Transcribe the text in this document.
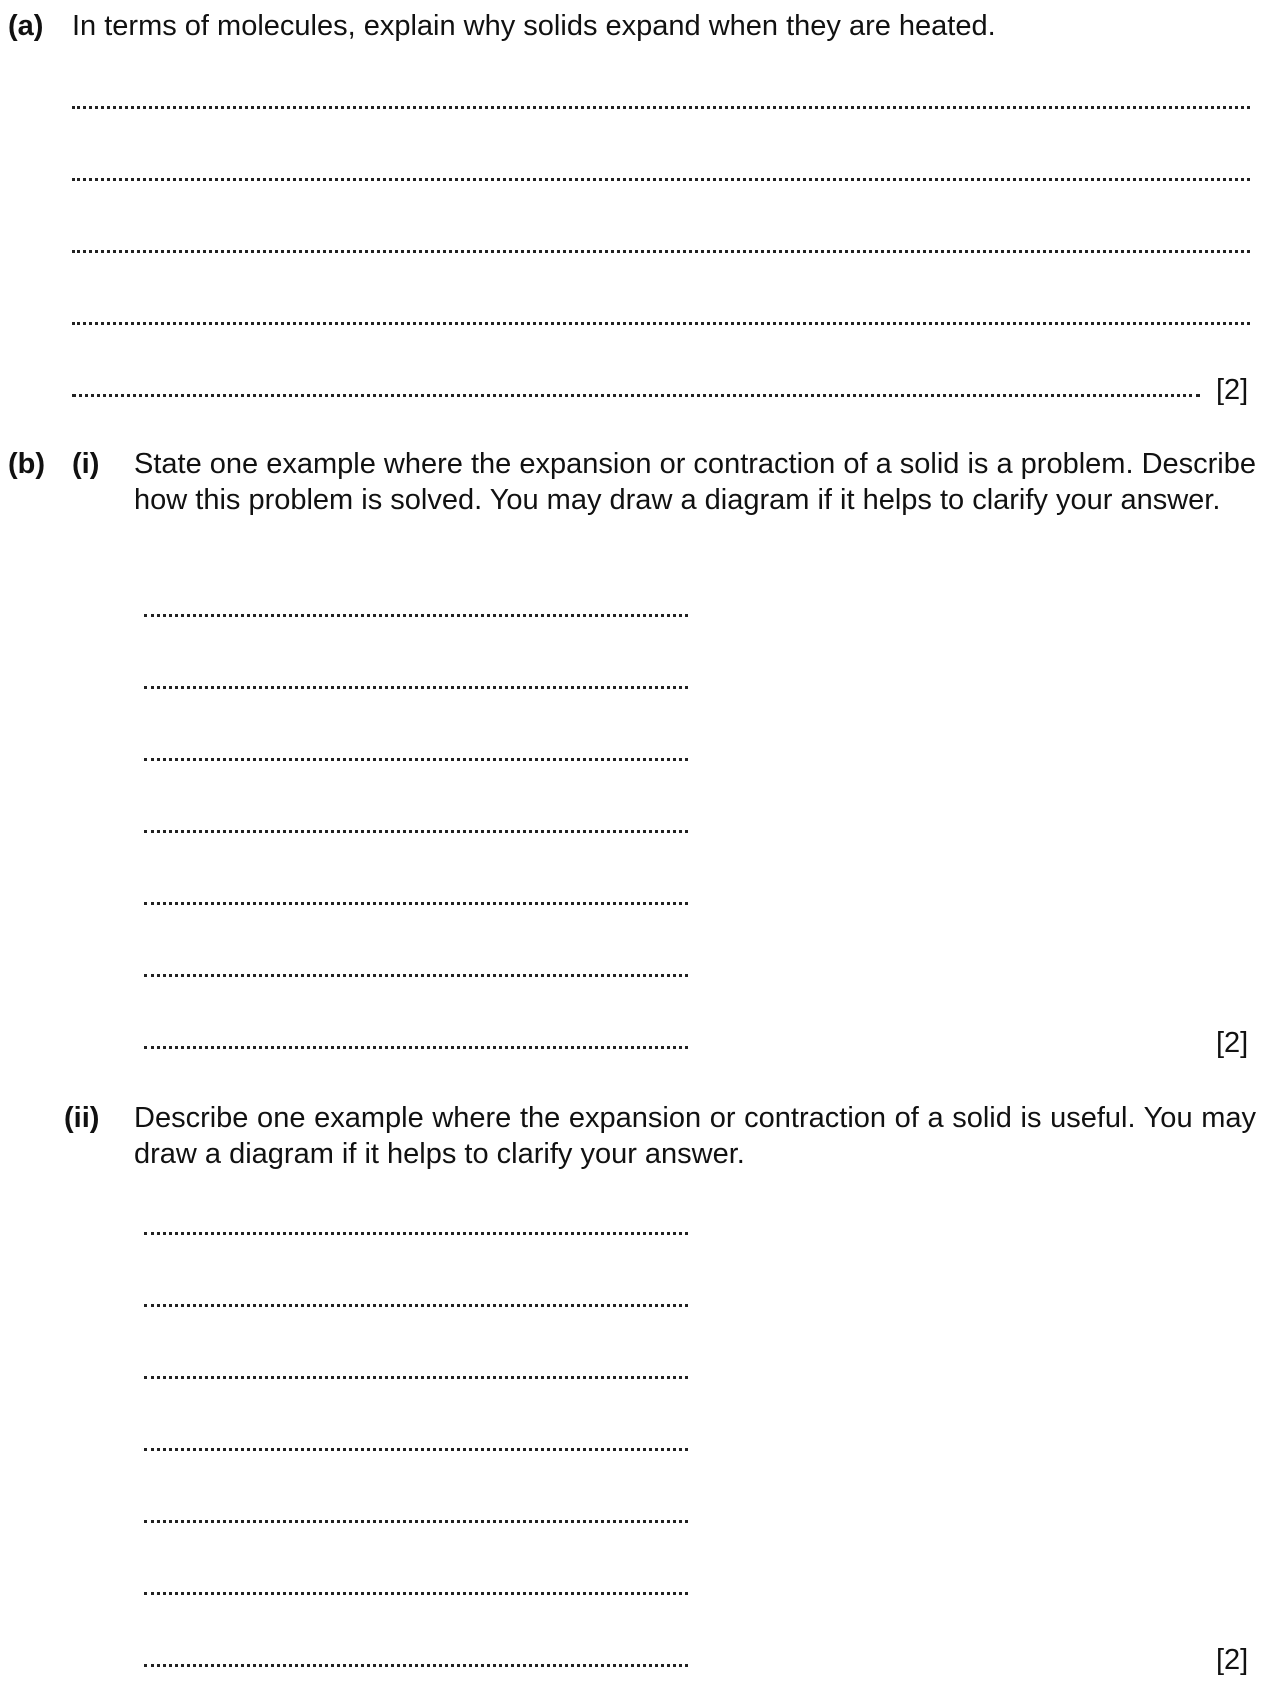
(a) In terms of molecules, explain why solids expand when they are heated.
[2]
(b) (i) State one example where the expansion or contraction of a solid is a problem. Describe how this problem is solved. You may draw a diagram if it helps to clarify your answer.
[2]
(ii) Describe one example where the expansion or contraction of a solid is useful. You may draw a diagram if it helps to clarify your answer.
[2]
